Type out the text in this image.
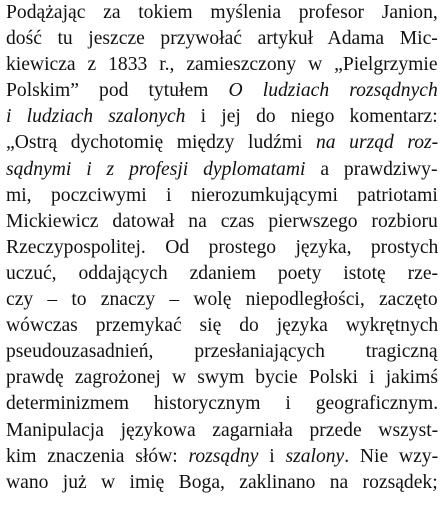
Podążając za tokiem myślenia profesor Janion,
dość tu jeszcze przywołać artykuł Adama Mic-
kiewicza z 1833 r., zamieszczony w „Pielgrzymie
Polskim” pod tytułem O ludziach rozsądnych
i ludziach szalonych i jej do niego komentarz:
„Ostrą dychotomię między ludźmi na urząd roz-
sądnymi i z profesji dyplomatami a prawdziwy-
mi, poczciwymi i nierozumkującymi patriotami
Mickiewicz datował na czas pierwszego rozbioru
Rzeczypospolitej. Od prostego języka, prostych
uczuć, oddających zdaniem poety istotę rze-
czy – to znaczy – wolę niepodległości, zaczęto
wówczas przemykać się do języka wykrętnych
pseudouzasadnień, przesłaniających tragiczną
prawdę zagrożonej w swym bycie Polski i jakimś
determinizmem historycznym i geograficznym.
Manipulacja językowa zagarniała przede wszyst-
kim znaczenia słów: rozsądny i szalony. Nie wzy-
wano już w imię Boga, zaklinano na rozsądek;
